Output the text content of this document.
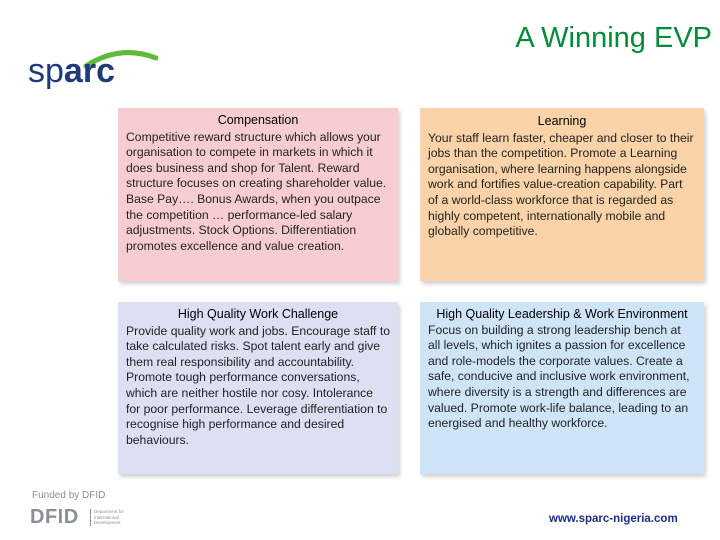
A Winning EVP
sparc
Compensation
Competitive reward structure which allows your organisation to compete in markets in which it does business and shop for Talent. Reward structure focuses on creating shareholder value. Base Pay…. Bonus Awards, when you outpace the competition … performance-led salary adjustments. Stock Options. Differentiation promotes excellence and value creation.
Learning
Your staff learn faster, cheaper and closer to their jobs than the competition. Promote a Learning organisation, where learning happens alongside work and fortifies value-creation capability. Part of a world-class workforce that is regarded as highly competent, internationally mobile and globally competitive.
High Quality Work Challenge
Provide quality work and jobs. Encourage staff to take calculated risks. Spot talent early and give them real responsibility and accountability. Promote tough performance conversations, which are neither hostile nor cosy. Intolerance for poor performance. Leverage differentiation to recognise high performance and desired behaviours.
High Quality Leadership & Work Environment
Focus on building a strong leadership bench at all levels, which ignites a passion for excellence and role-models the corporate values. Create a safe, conducive and inclusive work environment, where diversity is a strength and differences are valued. Promote work-life balance, leading to an energised and healthy workforce.
Funded by DFID
DFID	Department for International Development	www.sparc-nigeria.com
